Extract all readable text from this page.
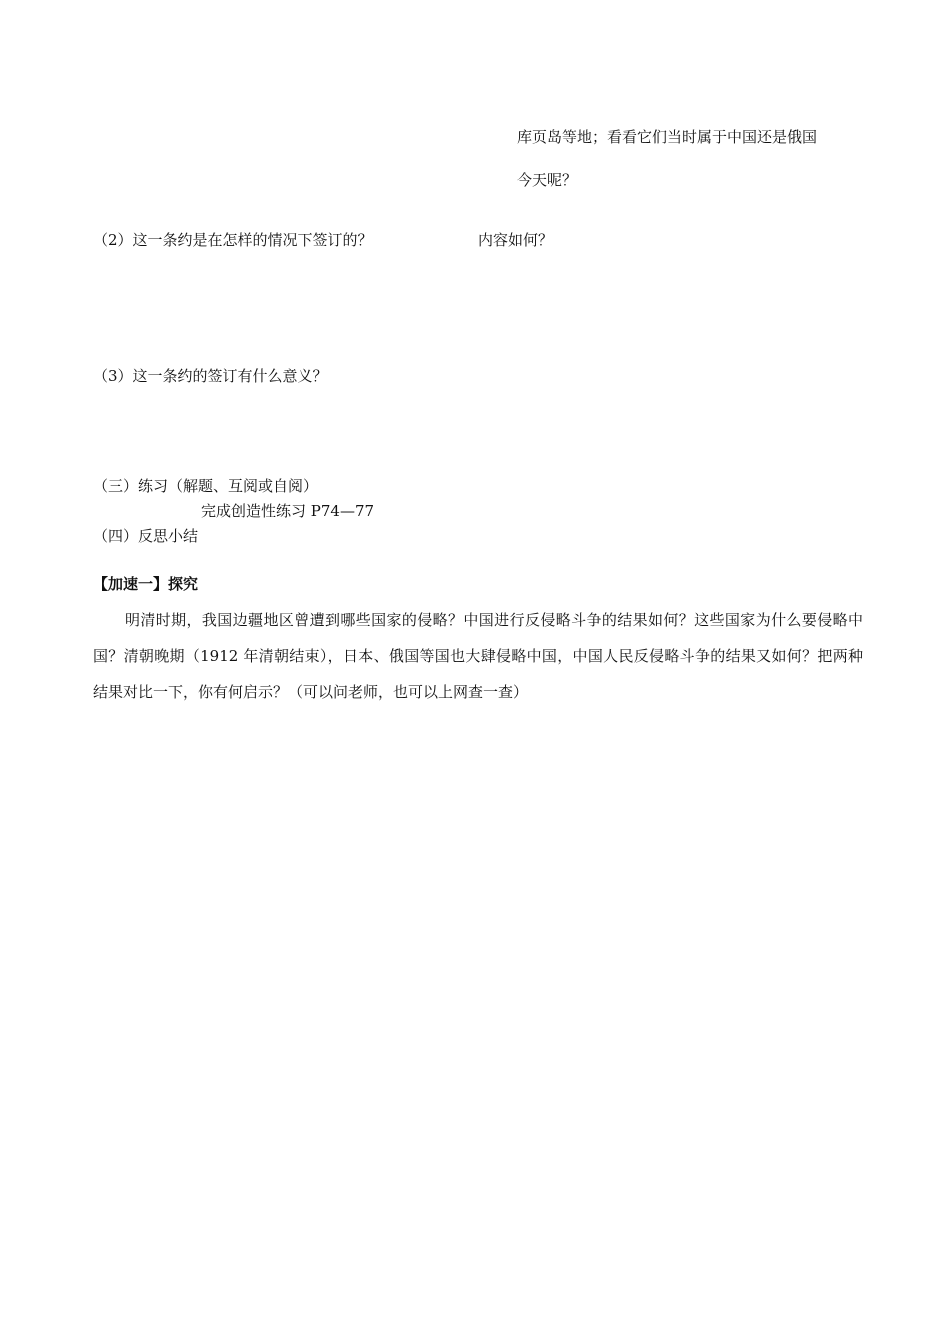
库页岛等地；看看它们当时属于中国还是俄国
今天呢？
（2）这一条约是在怎样的情况下签订的？	内容如何？
（3）这一条约的签订有什么意义？
（三）练习（解题、互阅或自阅）
完成创造性练习 P74—77
（四）反思小结
【加速一】探究
明清时期，我国边疆地区曾遭到哪些国家的侵略？中国进行反侵略斗争的结果如何？这些国家为什么要侵略中国？清朝晚期（1912 年清朝结束），日本、俄国等国也大肆侵略中国，中国人民反侵略斗争的结果又如何？把两种结果对比一下，你有何启示？（可以问老师，也可以上网查一查）
